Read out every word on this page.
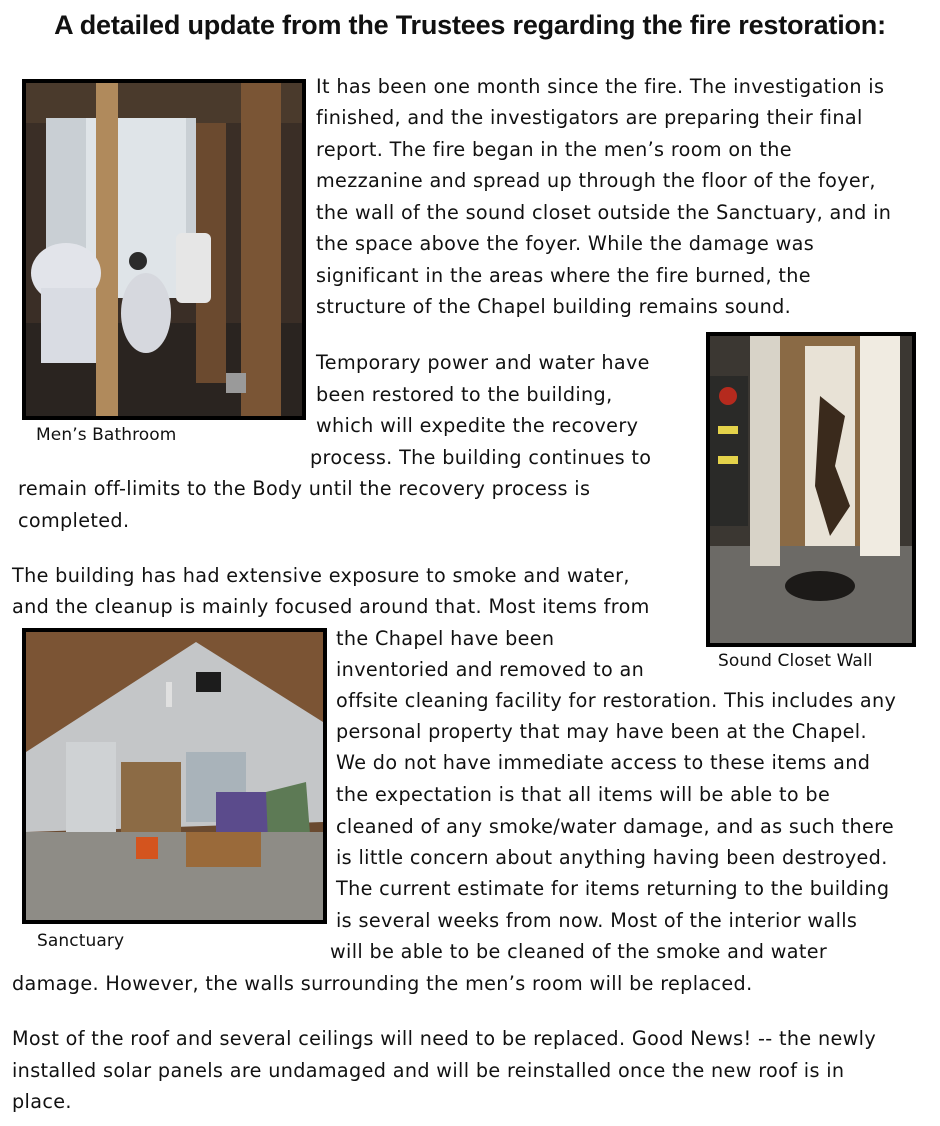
A detailed update from the Trustees regarding the fire restoration:
Men’s Bathroom
Sound Closet Wall
Sanctuary
It has been one month since the fire. The investigation is
finished, and the investigators are preparing their final
report. The fire began in the men’s room on the
mezzanine and spread up through the floor of the foyer,
the wall of the sound closet outside the Sanctuary, and in
the space above the foyer. While the damage was
significant in the areas where the fire burned, the
structure of the Chapel building remains sound.
Temporary power and water have
been restored to the building,
which will expedite the recovery
process. The building continues to
remain off-limits to the Body until the recovery process is
completed.
The building has had extensive exposure to smoke and water,
and the cleanup is mainly focused around that. Most items from
the Chapel have been
inventoried and removed to an
offsite cleaning facility for restoration. This includes any
personal property that may have been at the Chapel.
We do not have immediate access to these items and
the expectation is that all items will be able to be
cleaned of any smoke/water damage, and as such there
is little concern about anything having been destroyed.
The current estimate for items returning to the building
is several weeks from now. Most of the interior walls
will be able to be cleaned of the smoke and water
damage. However, the walls surrounding the men’s room will be replaced.
Most of the roof and several ceilings will need to be replaced. Good News! -- the newly
installed solar panels are undamaged and will be reinstalled once the new roof is in
place.
